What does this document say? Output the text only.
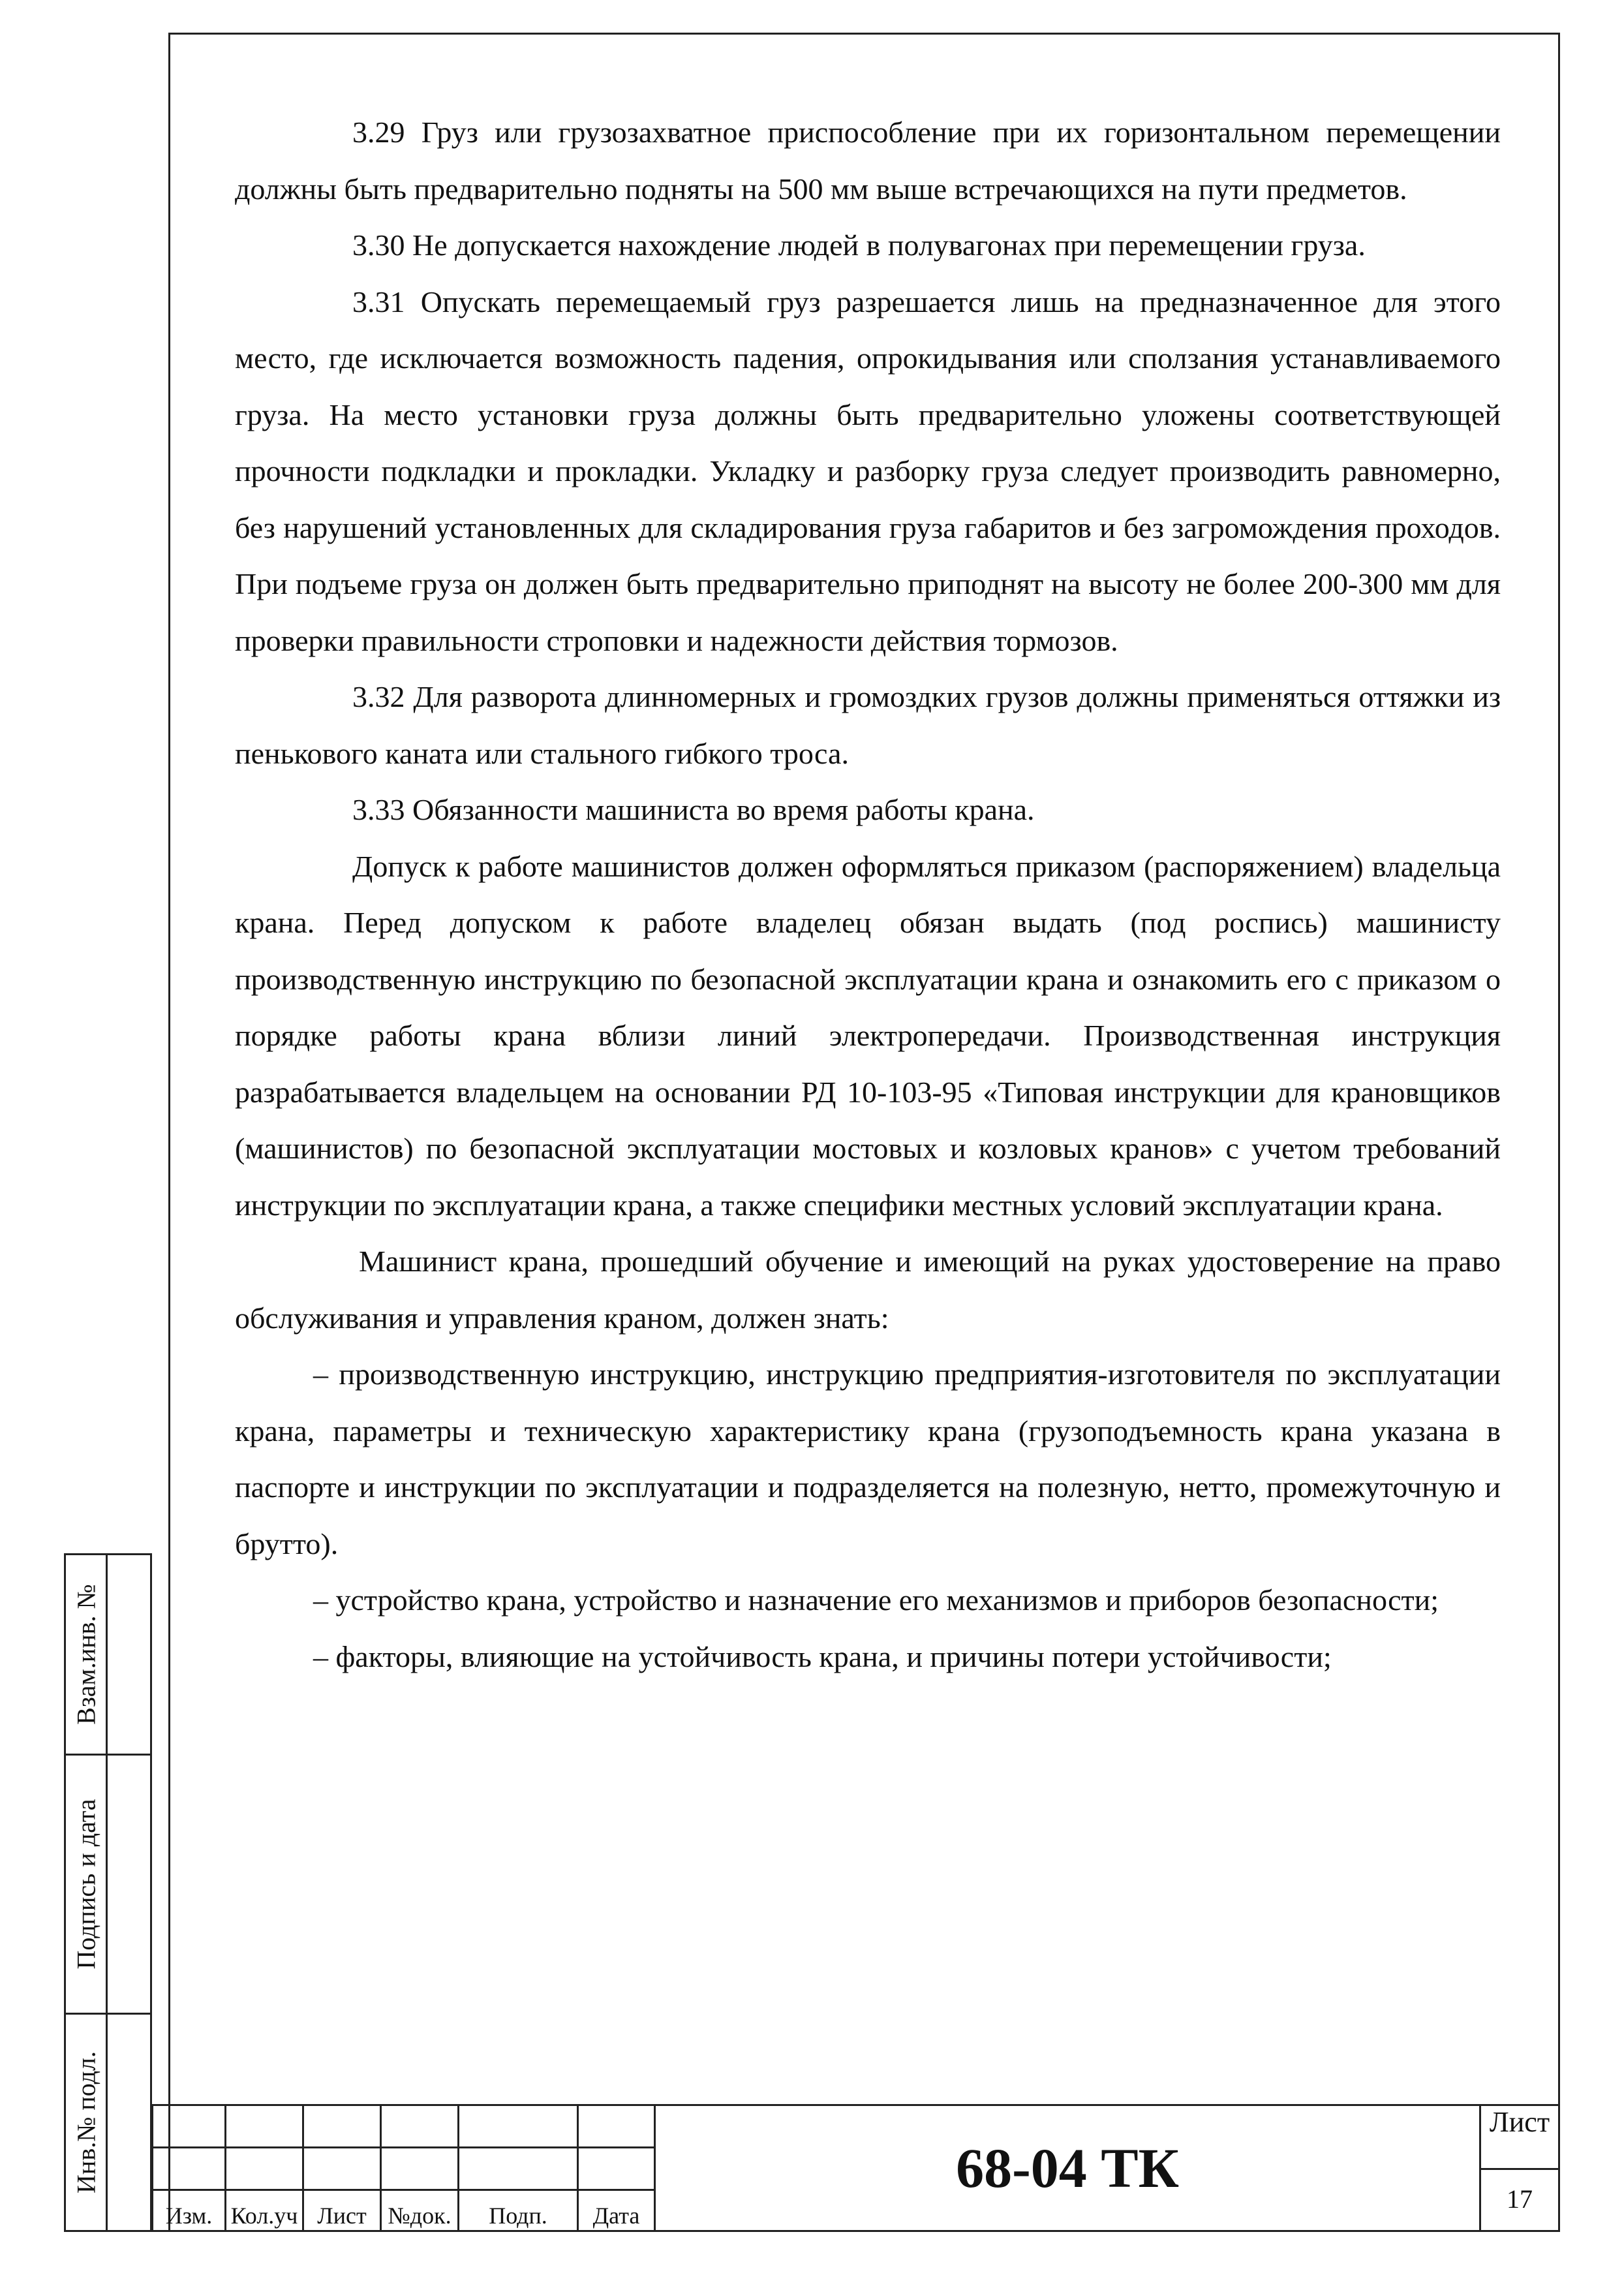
3.29 Груз или грузозахватное приспособление при их горизонтальном перемещении должны быть предварительно подняты на 500 мм выше встречающихся на пути предметов.

3.30 Не допускается нахождение людей в полувагонах при перемещении груза.

3.31 Опускать перемещаемый груз разрешается лишь на предназначенное для этого место, где исключается возможность падения, опрокидывания или сползания устанавливаемого груза. На место установки груза должны быть предварительно уложены соответствующей прочности подкладки и прокладки. Укладку и разборку груза следует производить равномерно, без нарушений установленных для складирования груза габаритов и без загромождения проходов. При подъеме груза он должен быть предварительно приподнят на высоту не более 200-300 мм для проверки правильности строповки и надежности действия тормозов.

3.32 Для разворота длинномерных и громоздких грузов должны применяться оттяжки из пенькового каната или стального гибкого троса.

3.33 Обязанности машиниста во время работы крана.

Допуск к работе машинистов должен оформляться приказом (распоряжением) владельца крана. Перед допуском к работе владелец обязан выдать (под роспись) машинисту производственную инструкцию по безопасной эксплуатации крана и ознакомить его с приказом о порядке работы крана вблизи линий электропередачи. Производственная инструкция разрабатывается владельцем на основании РД 10-103-95 «Типовая инструкции для крановщиков (машинистов) по безопасной эксплуатации мостовых и козловых кранов» с учетом требований инструкции по эксплуатации крана, а также специфики местных условий эксплуатации крана.

Машинист крана, прошедший обучение и имеющий на руках удостоверение на право обслуживания и управления краном, должен знать:

– производственную инструкцию, инструкцию предприятия-изготовителя по эксплуатации крана, параметры и техническую характеристику крана (грузоподъемность крана указана в паспорте и инструкции по эксплуатации и подразделяется на полезную, нетто, промежуточную и брутто).

– устройство крана, устройство и назначение его механизмов и приборов безопасности;

– факторы, влияющие на устойчивость крана, и причины потери устойчивости;

Взам.инв. №
Подпись и дата
Инв.№ подл.
Изм. Кол.уч Лист №док.	Подп.	Дата
68-04 ТК
Лист
17
